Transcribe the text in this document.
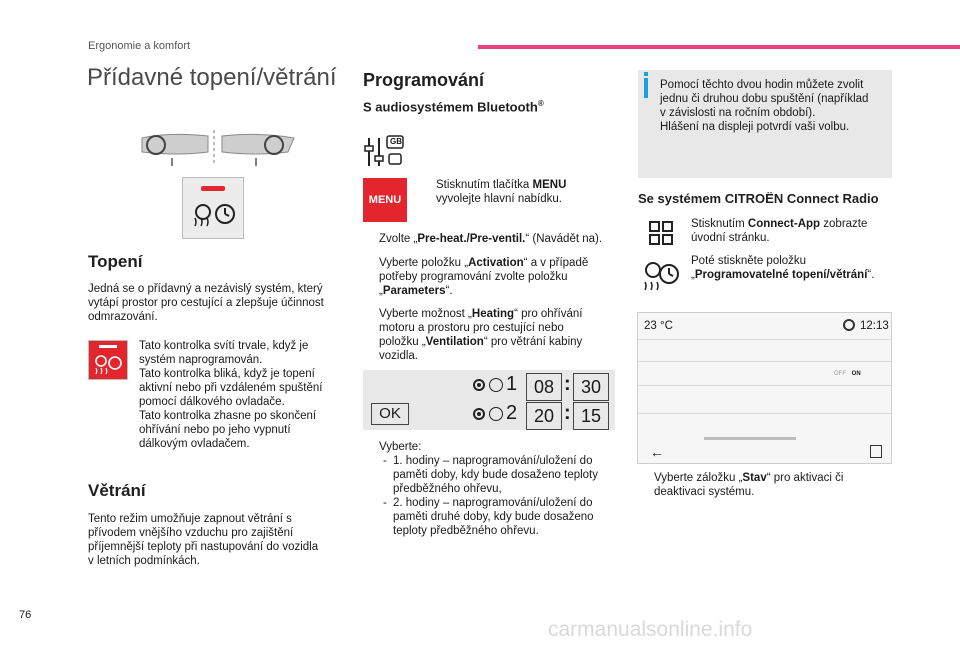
Ergonomie a komfort
Přídavné topení/větrání
Topení
Jedná se o přídavný a nezávislý systém, který
vytápí prostor pro cestující a zlepšuje účinnost
odmrazování.
Tato kontrolka svítí trvale, když je
systém naprogramován.
Tato kontrolka bliká, když je topení
aktivní nebo při vzdáleném spuštění
pomocí dálkového ovladače.
Tato kontrolka zhasne po skončení
ohřívání nebo po jeho vypnutí
dálkovým ovladačem.
Větrání
Tento režim umožňuje zapnout větrání s
přívodem vnějšího vzduchu pro zajištění
příjemnější teploty při nastupování do vozidla
v letních podmínkách.
Programování
S audiosystémem Bluetooth®
GB
MENU
Stisknutím tlačítka MENU
vyvolejte hlavní nabídku.
Zvolte „Pre-heat./Pre-ventil.“ (Navádět na).
Vyberte položku „Activation“ a v případě
potřeby programování zvolte položku
„Parameters“.
Vyberte možnost „Heating“ pro ohřívání
motoru a prostoru pro cestující nebo
položku „Ventilation“ pro větrání kabiny
vozidla.
OK
1 08 : 30
2 20 : 15
Vyberte:
- 1. hodiny – naprogramování/uložení do
paměti doby, kdy bude dosaženo teploty
předběžného ohřevu,
- 2. hodiny – naprogramování/uložení do
paměti druhé doby, kdy bude dosaženo
teploty předběžného ohřevu.
Pomocí těchto dvou hodin můžete zvolit
jednu či druhou dobu spuštění (například
v závislosti na ročním období).
Hlášení na displeji potvrdí vaši volbu.
Se systémem CITROËN Connect Radio
Stisknutím Connect-App zobrazte
úvodní stránku.
Poté stiskněte položku
„Programovatelné topení/větrání“.
23 °C	12:13
OFF ON
←
Vyberte záložku „Stav“ pro aktivaci či
deaktivaci systému.
76
carmanualsonline.info
